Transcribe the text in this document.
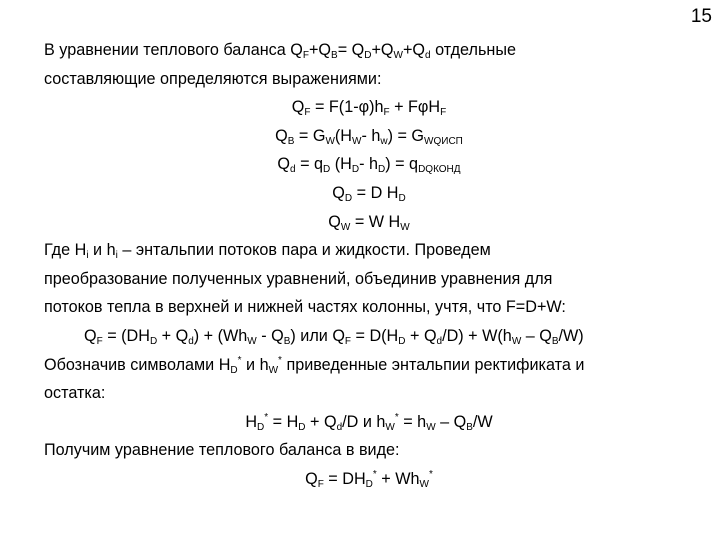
15
В уравнении теплового баланса $Q_F+Q_B= Q_D+Q_W+Q_d$ отдельные
составляющие определяются выражениями:
$Q_F = F(1-\varphi)h_F + F\varphi H_F$
$Q_B = G_W(H_W-$ $h_w) = G_{WQИСП}$
$Q_d = q_D$ ($H_D-$ $h_D) = q_{DQКОНД}$
$Q_D = D$ $H_D$
$Q_W = W$ $H_W$
Где $H_i$ и $h_i$ – энтальпии потоков пара и жидкости. Проведем
преобразование полученных уравнений, объединив уравнения для
потоков тепла в верхней и нижней частях колонны, учтя, что F=D+W:
$Q_F = (DH_D + Q_d) + (Wh_W - Q_B)$ или $Q_F = D(H_D + Q_d/D) + W(h_W - Q_B/W)$
Обозначив символами $H_D^*$ и $h_W^*$ приведенные энтальпии ректификата и
остатка:
$H_D^* = H_D + Q_d/D$ и $h_W^* = h_W - Q_B/W$
Получим уравнение теплового баланса в виде:
$Q_F = DH_D^* + Wh_W^*$
